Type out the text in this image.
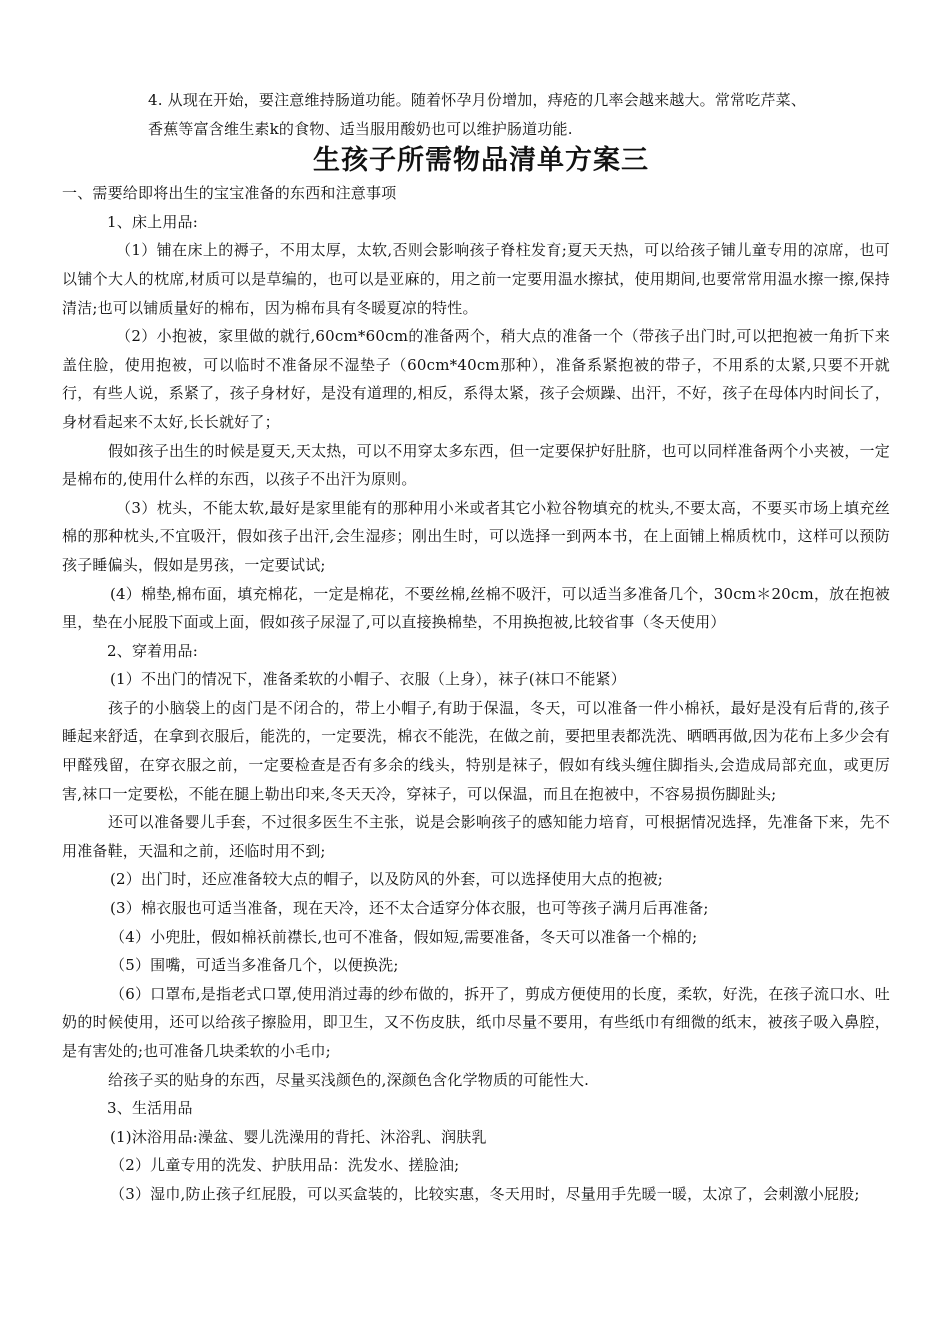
4. 从现在开始，要注意维持肠道功能。随着怀孕月份增加，痔疮的几率会越来越大。常常吃芹菜、

香蕉等富含维生素k的食物、适当服用酸奶也可以维护肠道功能.

生孩子所需物品清单方案三

一、需要给即将出生的宝宝准备的东西和注意事项

1、床上用品:

（1）铺在床上的褥子，不用太厚，太软,否则会影响孩子脊柱发育;夏天天热，可以给孩子铺儿童专用的凉席，也可以铺个大人的枕席,材质可以是草编的，也可以是亚麻的，用之前一定要用温水擦拭，使用期间,也要常常用温水擦一擦,保持清洁;也可以铺质量好的棉布，因为棉布具有冬暖夏凉的特性。

（2）小抱被，家里做的就行,60cm*60cm的准备两个，稍大点的准备一个（带孩子出门时,可以把抱被一角折下来盖住脸，使用抱被，可以临时不准备尿不湿垫子（60cm*40cm那种），准备系紧抱被的带子，不用系的太紧,只要不开就行，有些人说，系紧了，孩子身材好，是没有道理的,相反，系得太紧，孩子会烦躁、出汗，不好，孩子在母体内时间长了，身材看起来不太好,长长就好了；

假如孩子出生的时候是夏天,天太热，可以不用穿太多东西，但一定要保护好肚脐，也可以同样准备两个小夹被，一定是棉布的,使用什么样的东西，以孩子不出汗为原则。

（3）枕头，不能太软,最好是家里能有的那种用小米或者其它小粒谷物填充的枕头,不要太高，不要买市场上填充丝棉的那种枕头,不宜吸汗，假如孩子出汗,会生湿疹；刚出生时，可以选择一到两本书，在上面铺上棉质枕巾，这样可以预防孩子睡偏头，假如是男孩，一定要试试;

(4）棉垫,棉布面，填充棉花，一定是棉花，不要丝棉,丝棉不吸汗，可以适当多准备几个，30cm＊20cm，放在抱被里，垫在小屁股下面或上面，假如孩子尿湿了,可以直接换棉垫，不用换抱被,比较省事（冬天使用）

2、穿着用品:

(1）不出门的情况下，准备柔软的小帽子、衣服（上身），袜子(袜口不能紧）

孩子的小脑袋上的卤门是不闭合的，带上小帽子,有助于保温，冬天，可以准备一件小棉袄，最好是没有后背的,孩子睡起来舒适，在拿到衣服后，能洗的，一定要洗，棉衣不能洗，在做之前，要把里表都洗洗、晒晒再做,因为花布上多少会有甲醛残留，在穿衣服之前，一定要检查是否有多余的线头，特别是袜子，假如有线头缠住脚指头,会造成局部充血，或更厉害,袜口一定要松，不能在腿上勒出印来,冬天天冷，穿袜子，可以保温，而且在抱被中，不容易损伤脚趾头;

还可以准备婴儿手套，不过很多医生不主张，说是会影响孩子的感知能力培育，可根据情况选择，先准备下来，先不用准备鞋，天温和之前，还临时用不到;

(2）出门时，还应准备较大点的帽子，以及防风的外套，可以选择使用大点的抱被;

(3）棉衣服也可适当准备，现在天冷，还不太合适穿分体衣服，也可等孩子满月后再准备;

（4）小兜肚，假如棉袄前襟长,也可不准备，假如短,需要准备，冬天可以准备一个棉的;

（5）围嘴，可适当多准备几个，以便换洗;

（6）口罩布,是指老式口罩,使用消过毒的纱布做的，拆开了，剪成方便使用的长度，柔软，好洗，在孩子流口水、吐奶的时候使用，还可以给孩子擦脸用，即卫生，又不伤皮肤，纸巾尽量不要用，有些纸巾有细微的纸末，被孩子吸入鼻腔，是有害处的;也可准备几块柔软的小毛巾;

给孩子买的贴身的东西，尽量买浅颜色的,深颜色含化学物质的可能性大.

3、生活用品

(1)沐浴用品:澡盆、婴儿洗澡用的背托、沐浴乳、润肤乳

（2）儿童专用的洗发、护肤用品：洗发水、搓脸油;

（3）湿巾,防止孩子红屁股，可以买盒装的，比较实惠，冬天用时，尽量用手先暖一暖，太凉了，会刺激小屁股;
